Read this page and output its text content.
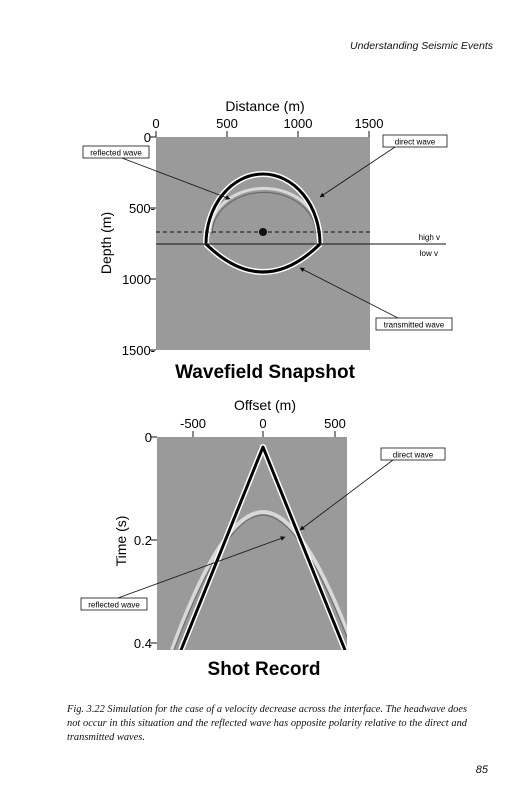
Understanding Seismic Events
0	500	1000	1500
0
500-
1000
1500-
Distance (m)
Depth (m)
Wavefield Snapshot
reflected wave
direct wave
high v
low v
transmitted wave
-500	0	500
0
0.2
0.4
Offset (m)
Time (s)
Shot Record
direct wave
reflected wave
Fig. 3.22 Simulation for the case of a velocity decrease across the interface. The headwave does not occur in this situation and the reflected wave has opposite polarity relative to the direct and transmitted waves.
85
